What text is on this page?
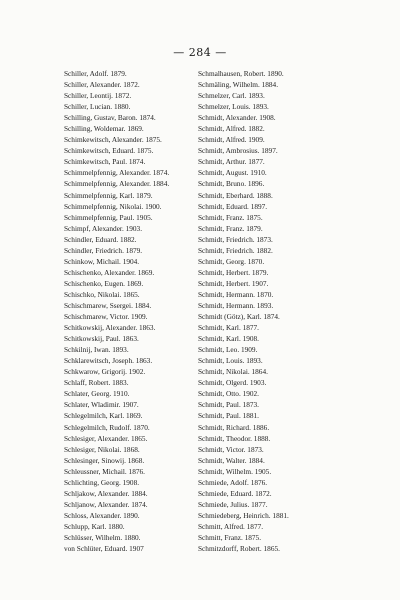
— 284 —
Schiller, Adolf. 1879.
Schiller, Alexander. 1872.
Schiller, Leontij. 1872.
Schiller, Lucian. 1880.
Schilling, Gustav, Baron. 1874.
Schilling, Woldemar. 1869.
Schimkewitsch, Alexander. 1875.
Schimkewitsch, Eduard. 1875.
Schimkewitsch, Paul. 1874.
Schimmelpfennig, Alexander. 1874.
Schimmelpfennig, Alexander. 1884.
Schimmelpfennig, Karl. 1879.
Schimmelpfennig, Nikolai. 1900.
Schimmelpfennig, Paul. 1905.
Schimpf, Alexander. 1903.
Schindler, Eduard. 1882.
Schindler, Friedrich. 1879.
Schinkow, Michail. 1904.
Schischenko, Alexander. 1869.
Schischenko, Eugen. 1869.
Schischko, Nikolai. 1865.
Schischmarew, Ssergei. 1884.
Schischmarew, Victor. 1909.
Schitkowskij, Alexander. 1863.
Schitkowskij, Paul. 1863.
Schkilnij, Iwan. 1893.
Schklarewitsch, Joseph. 1863.
Schkwarow, Grigorij. 1902.
Schlaff, Robert. 1883.
Schlater, Georg. 1910.
Schlater, Wladimir. 1907.
Schlegelmilch, Karl. 1869.
Schlegelmilch, Rudolf. 1870.
Schlesiger, Alexander. 1865.
Schlesiger, Nikolai. 1868.
Schlesinger, Sinowij. 1868.
Schleussner, Michail. 1876.
Schlichting, Georg. 1908.
Schljakow, Alexander. 1884.
Schljanow, Alexander. 1874.
Schloss, Alexander. 1890.
Schlupp, Karl. 1880.
Schlüsser, Wilhelm. 1880.
von Schlüter, Eduard. 1907
Schmalhausen, Robert. 1890.
Schmäling, Wilhelm. 1884.
Schmelzer, Carl. 1893.
Schmelzer, Louis. 1893.
Schmidt, Alexander. 1908.
Schmidt, Alfred. 1882.
Schmidt, Alfred. 1909.
Schmidt, Ambrosius. 1897.
Schmidt, Arthur. 1877.
Schmidt, August. 1910.
Schmidt, Bruno. 1896.
Schmidt, Eberhard. 1888.
Schmidt, Eduard. 1897.
Schmidt, Franz. 1875.
Schmidt, Franz. 1879.
Schmidt, Friedrich. 1873.
Schmidt, Friedrich. 1882.
Schmidt, Georg. 1870.
Schmidt, Herbert. 1879.
Schmidt, Herbert. 1907.
Schmidt, Hermann. 1870.
Schmidt, Hermann. 1893.
Schmidt (Götz), Karl. 1874.
Schmidt, Karl. 1877.
Schmidt, Karl. 1908.
Schmidt, Leo. 1909.
Schmidt, Louis. 1893.
Schmidt, Nikolai. 1864.
Schmidt, Olgerd. 1903.
Schmidt, Otto. 1902.
Schmidt, Paul. 1873.
Schmidt, Paul. 1881.
Schmidt, Richard. 1886.
Schmidt, Theodor. 1888.
Schmidt, Victor. 1873.
Schmidt, Walter. 1884.
Schmidt, Wilhelm. 1905.
Schmiede, Adolf. 1876.
Schmiede, Eduard. 1872.
Schmiede, Julius. 1877.
Schmiedeberg, Heinrich. 1881.
Schmitt, Alfred. 1877.
Schmitt, Franz. 1875.
Schmitzdorff, Robert. 1865.
